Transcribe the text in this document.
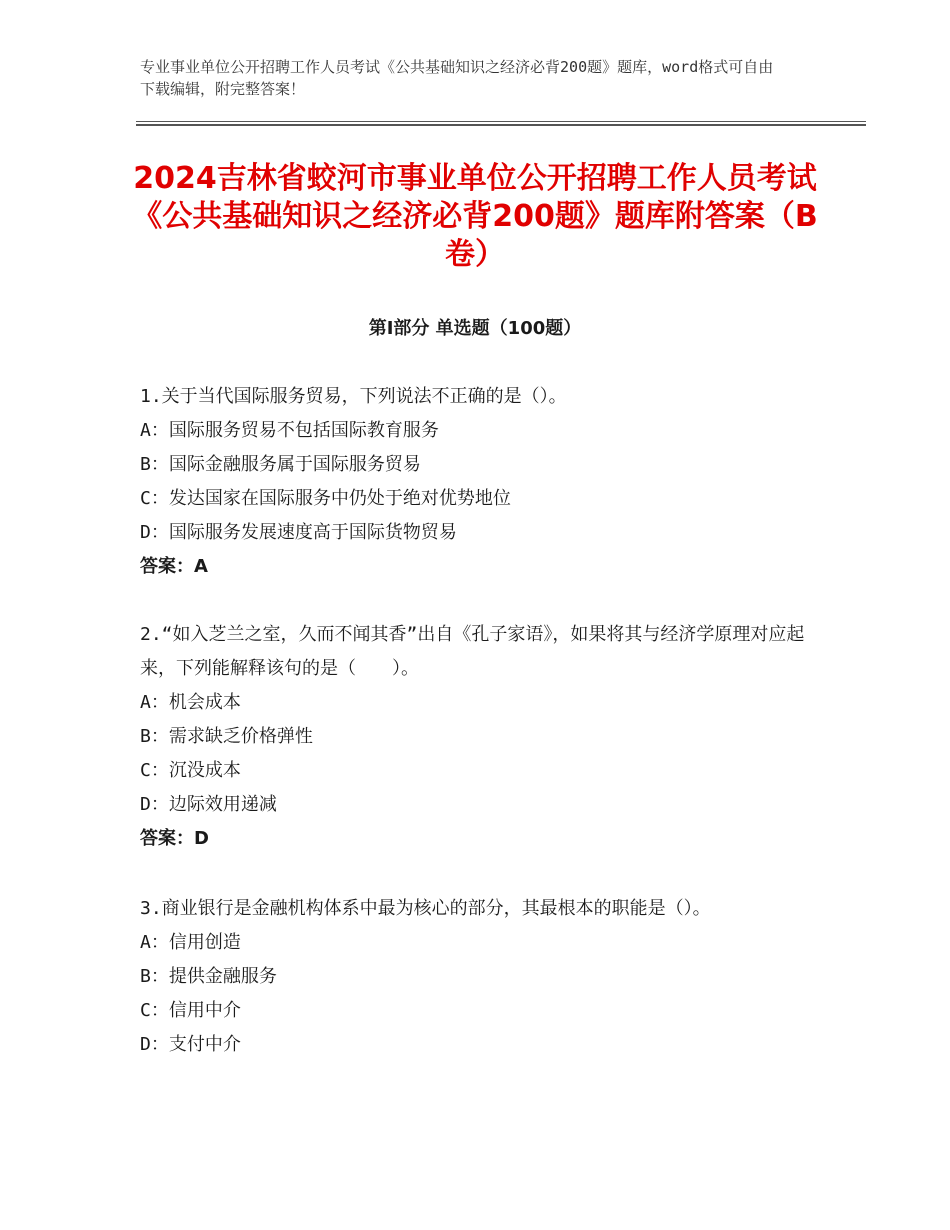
专业事业单位公开招聘工作人员考试《公共基础知识之经济必背200题》题库，word格式可自由下载编辑，附完整答案！
2024吉林省蛟河市事业单位公开招聘工作人员考试《公共基础知识之经济必背200题》题库附答案（B卷）
第Ⅰ部分 单选题（100题）
1.关于当代国际服务贸易，下列说法不正确的是（）。
A：国际服务贸易不包括国际教育服务
B：国际金融服务属于国际服务贸易
C：发达国家在国际服务中仍处于绝对优势地位
D：国际服务发展速度高于国际货物贸易
答案：A
2.“如入芝兰之室，久而不闻其香”出自《孔子家语》，如果将其与经济学原理对应起来，下列能解释该句的是（　　）。
A：机会成本
B：需求缺乏价格弹性
C：沉没成本
D：边际效用递减
答案：D
3.商业银行是金融机构体系中最为核心的部分，其最根本的职能是（）。
A：信用创造
B：提供金融服务
C：信用中介
D：支付中介
